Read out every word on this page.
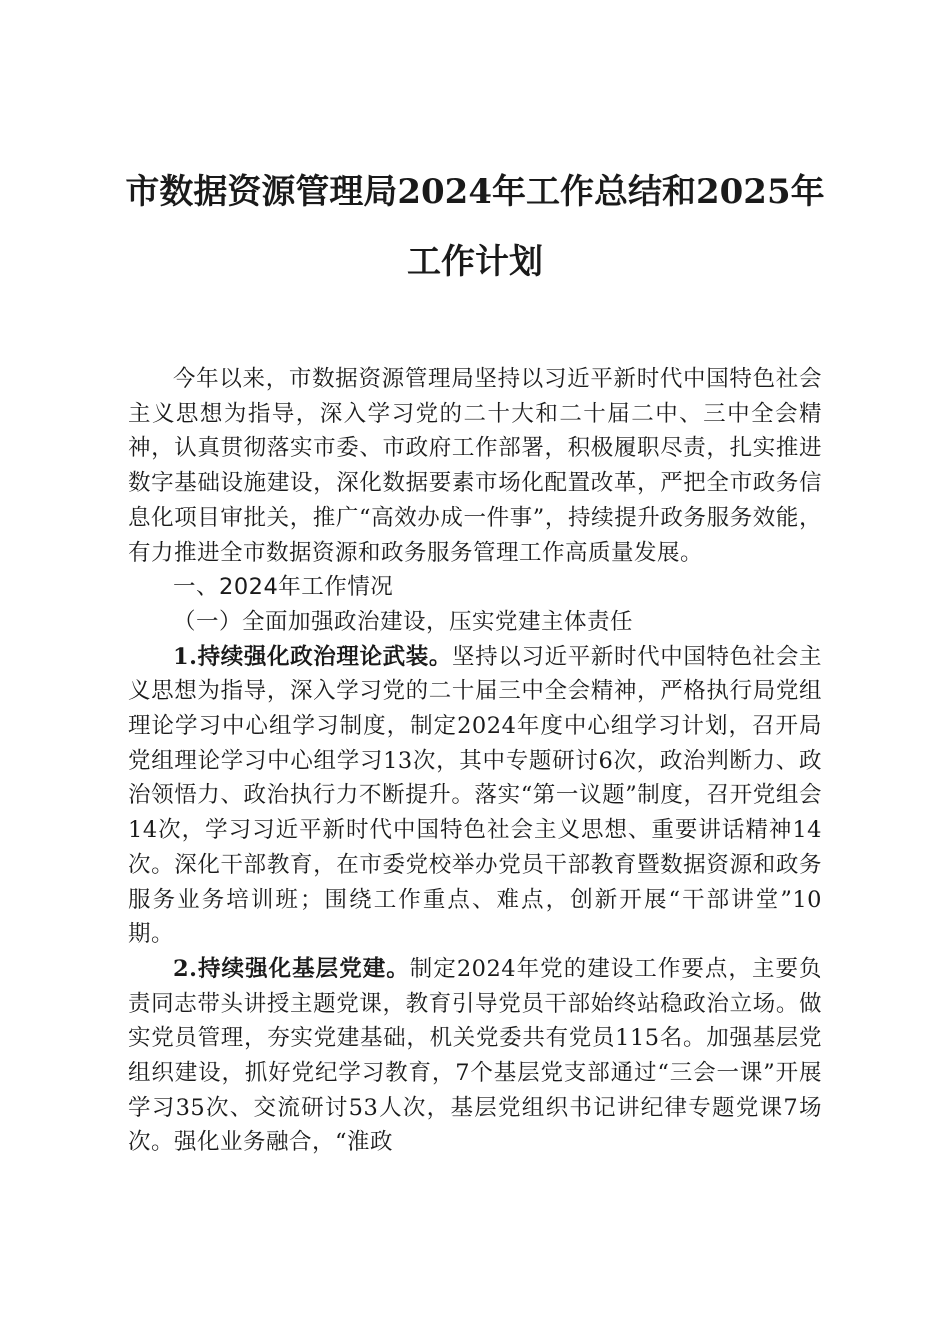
市数据资源管理局2024年工作总结和2025年
工作计划

今年以来，市数据资源管理局坚持以习近平新时代中国特色社会主义思想为指导，深入学习党的二十大和二十届二中、三中全会精神，认真贯彻落实市委、市政府工作部署，积极履职尽责，扎实推进数字基础设施建设，深化数据要素市场化配置改革，严把全市政务信息化项目审批关，推广“高效办成一件事”，持续提升政务服务效能，有力推进全市数据资源和政务服务管理工作高质量发展。

一、2024年工作情况

（一）全面加强政治建设，压实党建主体责任

1.持续强化政治理论武装。坚持以习近平新时代中国特色社会主义思想为指导，深入学习党的二十届三中全会精神，严格执行局党组理论学习中心组学习制度，制定2024年度中心组学习计划，召开局党组理论学习中心组学习13次，其中专题研讨6次，政治判断力、政治领悟力、政治执行力不断提升。落实“第一议题”制度，召开党组会14次，学习习近平新时代中国特色社会主义思想、重要讲话精神14次。深化干部教育，在市委党校举办党员干部教育暨数据资源和政务服务业务培训班；围绕工作重点、难点，创新开展“干部讲堂”10期。

2.持续强化基层党建。制定2024年党的建设工作要点，主要负责同志带头讲授主题党课，教育引导党员干部始终站稳政治立场。做实党员管理，夯实党建基础，机关党委共有党员115名。加强基层党组织建设，抓好党纪学习教育，7个基层党支部通过“三会一课”开展学习35次、交流研讨53人次，基层党组织书记讲纪律专题党课7场次。强化业务融合，“淮政
